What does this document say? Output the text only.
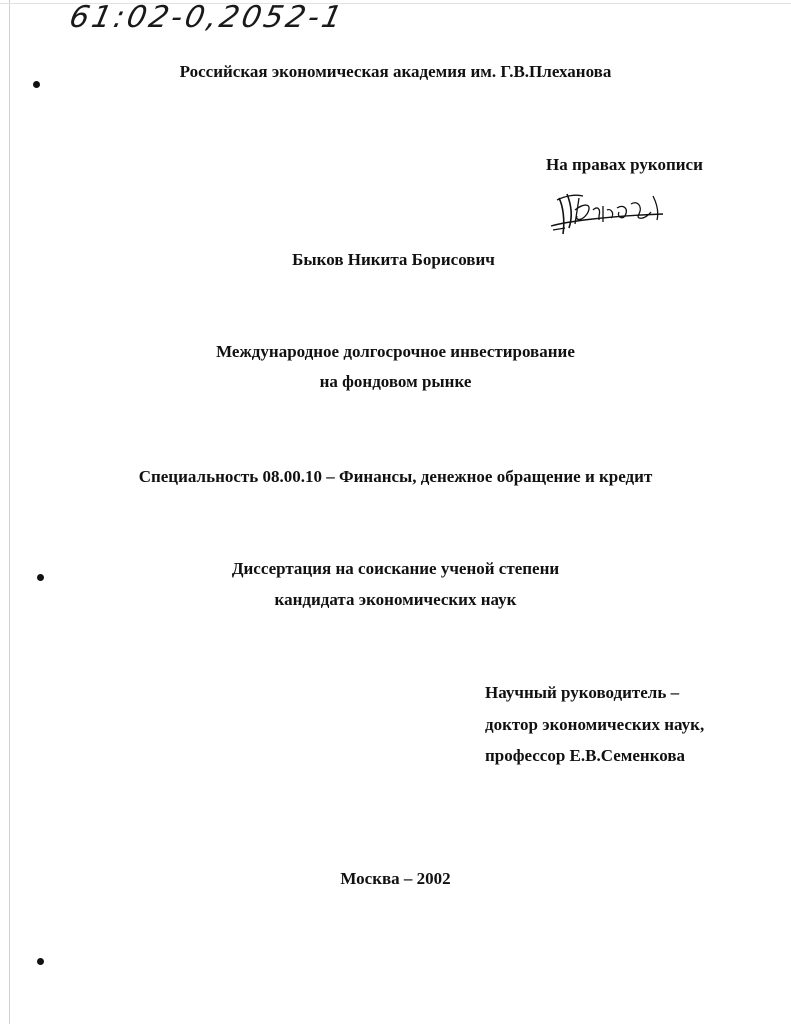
61:02-0,2052-1
Российская экономическая академия им. Г.В.Плеханова
На правах рукописи
Быков Никита Борисович
Международное долгосрочное инвестирование
на фондовом рынке
Специальность 08.00.10 – Финансы, денежное обращение и кредит
Диссертация на соискание ученой степени
кандидата экономических наук
Научный руководитель –
доктор экономических наук,
профессор Е.В.Семенкова
Москва – 2002
